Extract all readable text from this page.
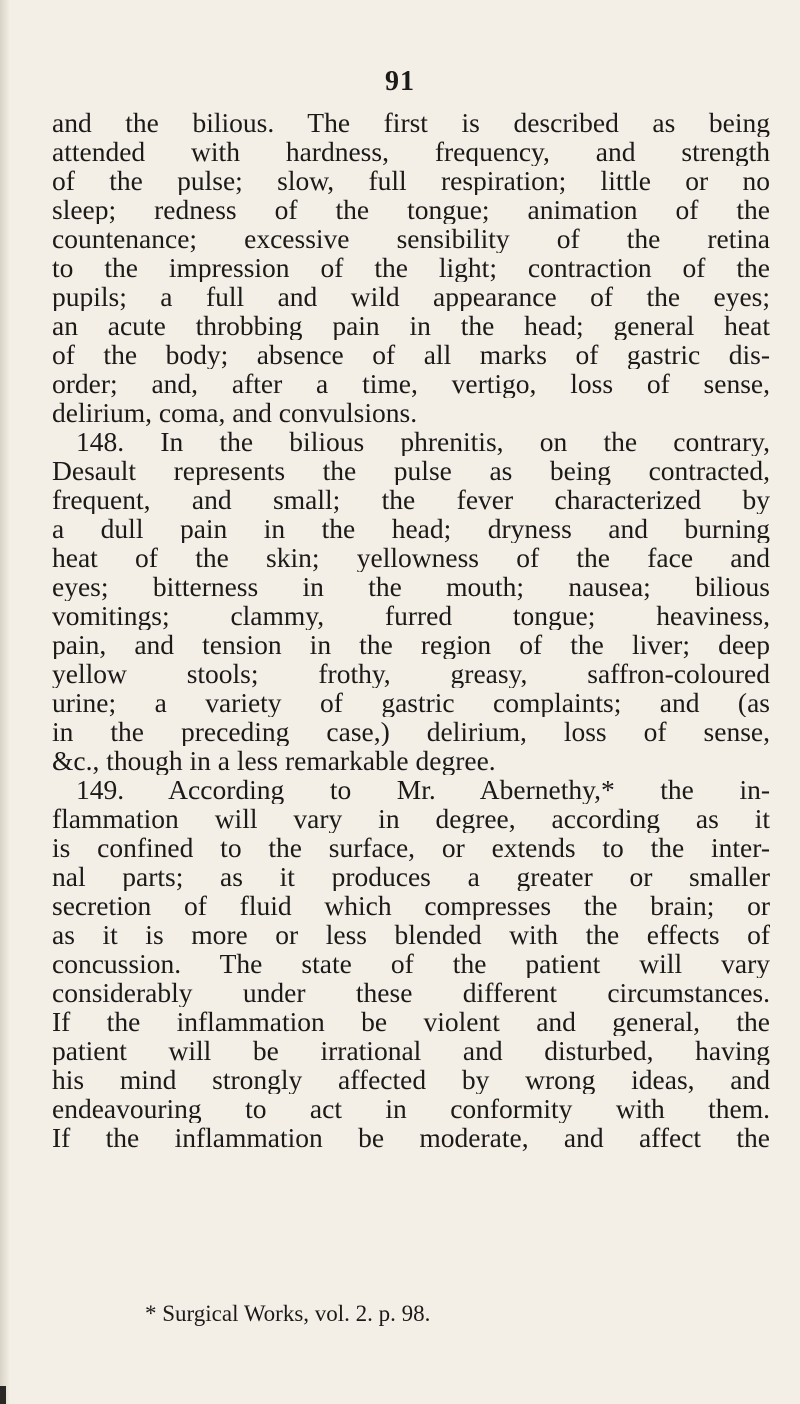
91
and the bilious. The first is described as being
attended with hardness, frequency, and strength
of the pulse; slow, full respiration; little or no
sleep; redness of the tongue; animation of the
countenance; excessive sensibility of the retina
to the impression of the light; contraction of the
pupils; a full and wild appearance of the eyes;
an acute throbbing pain in the head; general heat
of the body; absence of all marks of gastric dis-
order; and, after a time, vertigo, loss of sense,
delirium, coma, and convulsions.
148. In the bilious phrenitis, on the contrary,
Desault represents the pulse as being contracted,
frequent, and small; the fever characterized by
a dull pain in the head; dryness and burning
heat of the skin; yellowness of the face and
eyes; bitterness in the mouth; nausea; bilious
vomitings; clammy, furred tongue; heaviness,
pain, and tension in the region of the liver; deep
yellow stools; frothy, greasy, saffron-coloured
urine; a variety of gastric complaints; and (as
in the preceding case,) delirium, loss of sense,
&c., though in a less remarkable degree.
149. According to Mr. Abernethy,* the in-
flammation will vary in degree, according as it
is confined to the surface, or extends to the inter-
nal parts; as it produces a greater or smaller
secretion of fluid which compresses the brain; or
as it is more or less blended with the effects of
concussion. The state of the patient will vary
considerably under these different circumstances.
If the inflammation be violent and general, the
patient will be irrational and disturbed, having
his mind strongly affected by wrong ideas, and
endeavouring to act in conformity with them.
If the inflammation be moderate, and affect the
* Surgical Works, vol. 2. p. 98.
